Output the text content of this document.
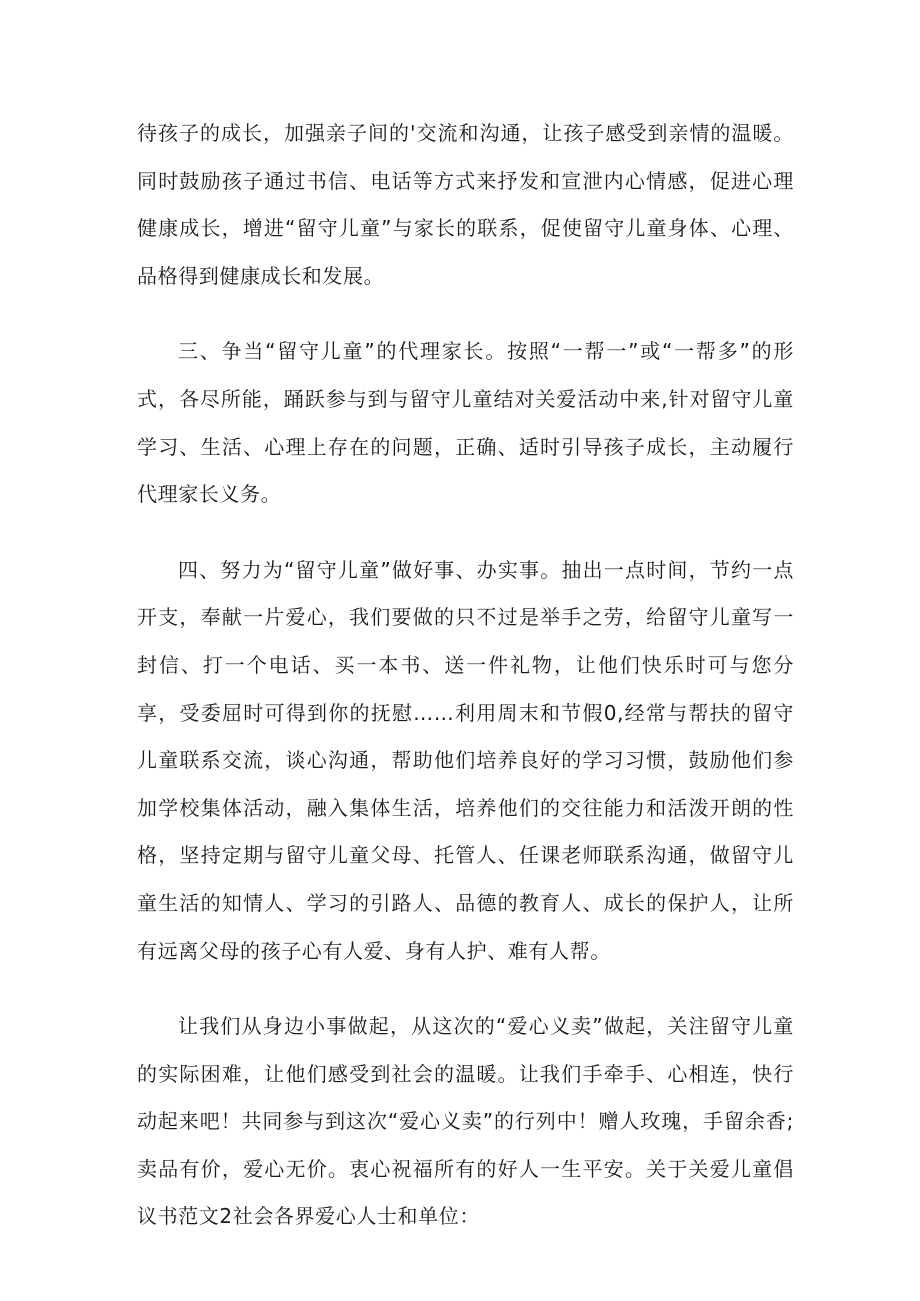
待孩子的成长，加强亲子间的'交流和沟通，让孩子感受到亲情的温暖。同时鼓励孩子通过书信、电话等方式来抒发和宣泄内心情感，促进心理健康成长，增进“留守儿童”与家长的联系，促使留守儿童身体、心理、品格得到健康成长和发展。

三、争当“留守儿童”的代理家长。按照“一帮一”或“一帮多”的形式，各尽所能，踊跃参与到与留守儿童结对关爱活动中来,针对留守儿童学习、生活、心理上存在的问题，正确、适时引导孩子成长，主动履行代理家长义务。

四、努力为“留守儿童”做好事、办实事。抽出一点时间，节约一点开支，奉献一片爱心，我们要做的只不过是举手之劳，给留守儿童写一封信、打一个电话、买一本书、送一件礼物，让他们快乐时可与您分享，受委屈时可得到你的抚慰……利用周末和节假0,经常与帮扶的留守儿童联系交流，谈心沟通，帮助他们培养良好的学习习惯，鼓励他们参加学校集体活动，融入集体生活，培养他们的交往能力和活泼开朗的性格，坚持定期与留守儿童父母、托管人、任课老师联系沟通，做留守儿童生活的知情人、学习的引路人、品德的教育人、成长的保护人，让所有远离父母的孩子心有人爱、身有人护、难有人帮。

让我们从身边小事做起，从这次的“爱心义卖”做起，关注留守儿童的实际困难，让他们感受到社会的温暖。让我们手牵手、心相连，快行动起来吧！共同参与到这次“爱心义卖”的行列中！赠人玫瑰，手留余香;卖品有价，爱心无价。衷心祝福所有的好人一生平安。关于关爱儿童倡议书范文2社会各界爱心人士和单位：
